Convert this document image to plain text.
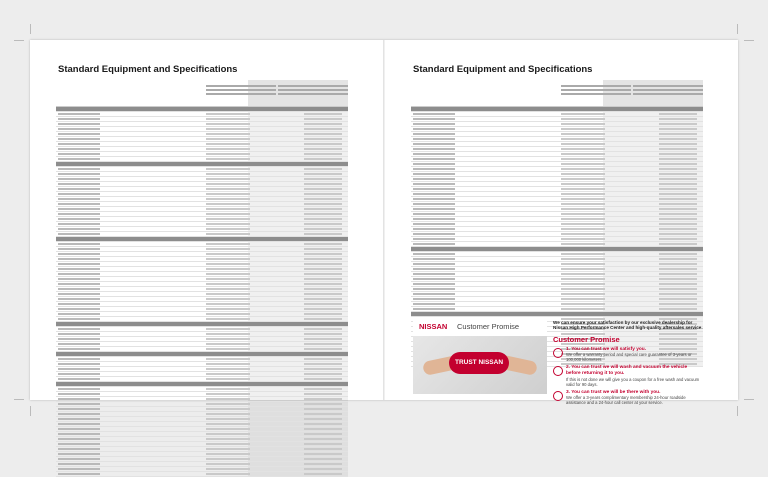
Standard Equipment and Specifications	Standard Equipment and Specifications
NISSAN Customer Promise
TRUST NISSAN
We can ensure your satisfaction by our exclusive dealership for Nissan High Performance Center and high-quality aftersales service.
Customer Promise
1. You can trust we will satisfy you.
We offer a warranty period and special care guarantee of 3-years or 100,000 kilometers.
2. You can trust we will wash and vacuum the vehicle before returning it to you.
If this is not done we will give you a coupon for a free wash and vacuum valid for 90 days.
3. You can trust we will be there with you.
We offer a 3-years complimentary membership 24-hour roadside assistance and a 24-hour call center at your service.
